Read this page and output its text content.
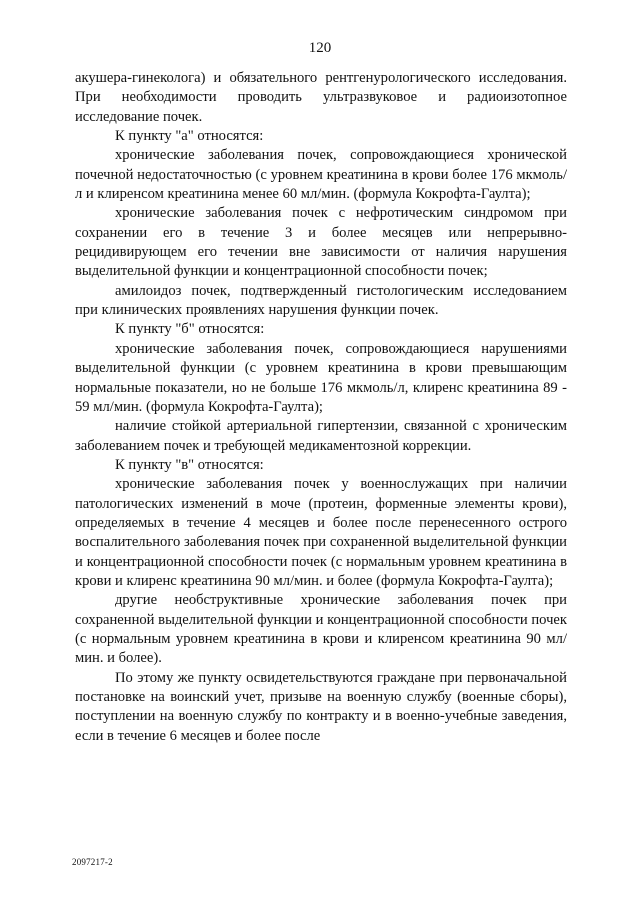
120

акушера-гинеколога) и обязательного рентгенурологического исследования. При необходимости проводить ультразвуковое и радиоизотопное исследование почек.

К пункту "а" относятся:

хронические заболевания почек, сопровождающиеся хронической почечной недостаточностью (с уровнем креатинина в крови более 176 мкмоль/л и клиренсом креатинина менее 60 мл/мин. (формула Кокрофта-Гаулта);

хронические заболевания почек с нефротическим синдромом при сохранении его в течение 3 и более месяцев или непрерывно-рецидивирующем его течении вне зависимости от наличия нарушения выделительной функции и концентрационной способности почек;

амилоидоз почек, подтвержденный гистологическим исследованием при клинических проявлениях нарушения функции почек.

К пункту "б" относятся:

хронические заболевания почек, сопровождающиеся нарушениями выделительной функции (с уровнем креатинина в крови превышающим нормальные показатели, но не больше 176 мкмоль/л, клиренс креатинина 89 - 59 мл/мин. (формула Кокрофта-Гаулта);

наличие стойкой артериальной гипертензии, связанной с хроническим заболеванием почек и требующей медикаментозной коррекции.

К пункту "в" относятся:

хронические заболевания почек у военнослужащих при наличии патологических изменений в моче (протеин, форменные элементы крови), определяемых в течение 4 месяцев и более после перенесенного острого воспалительного заболевания почек при сохраненной выделительной функции и концентрационной способности почек (с нормальным уровнем креатинина в крови и клиренс креатинина 90 мл/мин. и более (формула Кокрофта-Гаулта);

другие необструктивные хронические заболевания почек при сохраненной выделительной функции и концентрационной способности почек (с нормальным уровнем креатинина в крови и клиренсом креатинина 90 мл/мин. и более).

По этому же пункту освидетельствуются граждане при первоначальной постановке на воинский учет, призыве на военную службу (военные сборы), поступлении на военную службу по контракту и в военно-учебные заведения, если в течение 6 месяцев и более после

2097217-2
